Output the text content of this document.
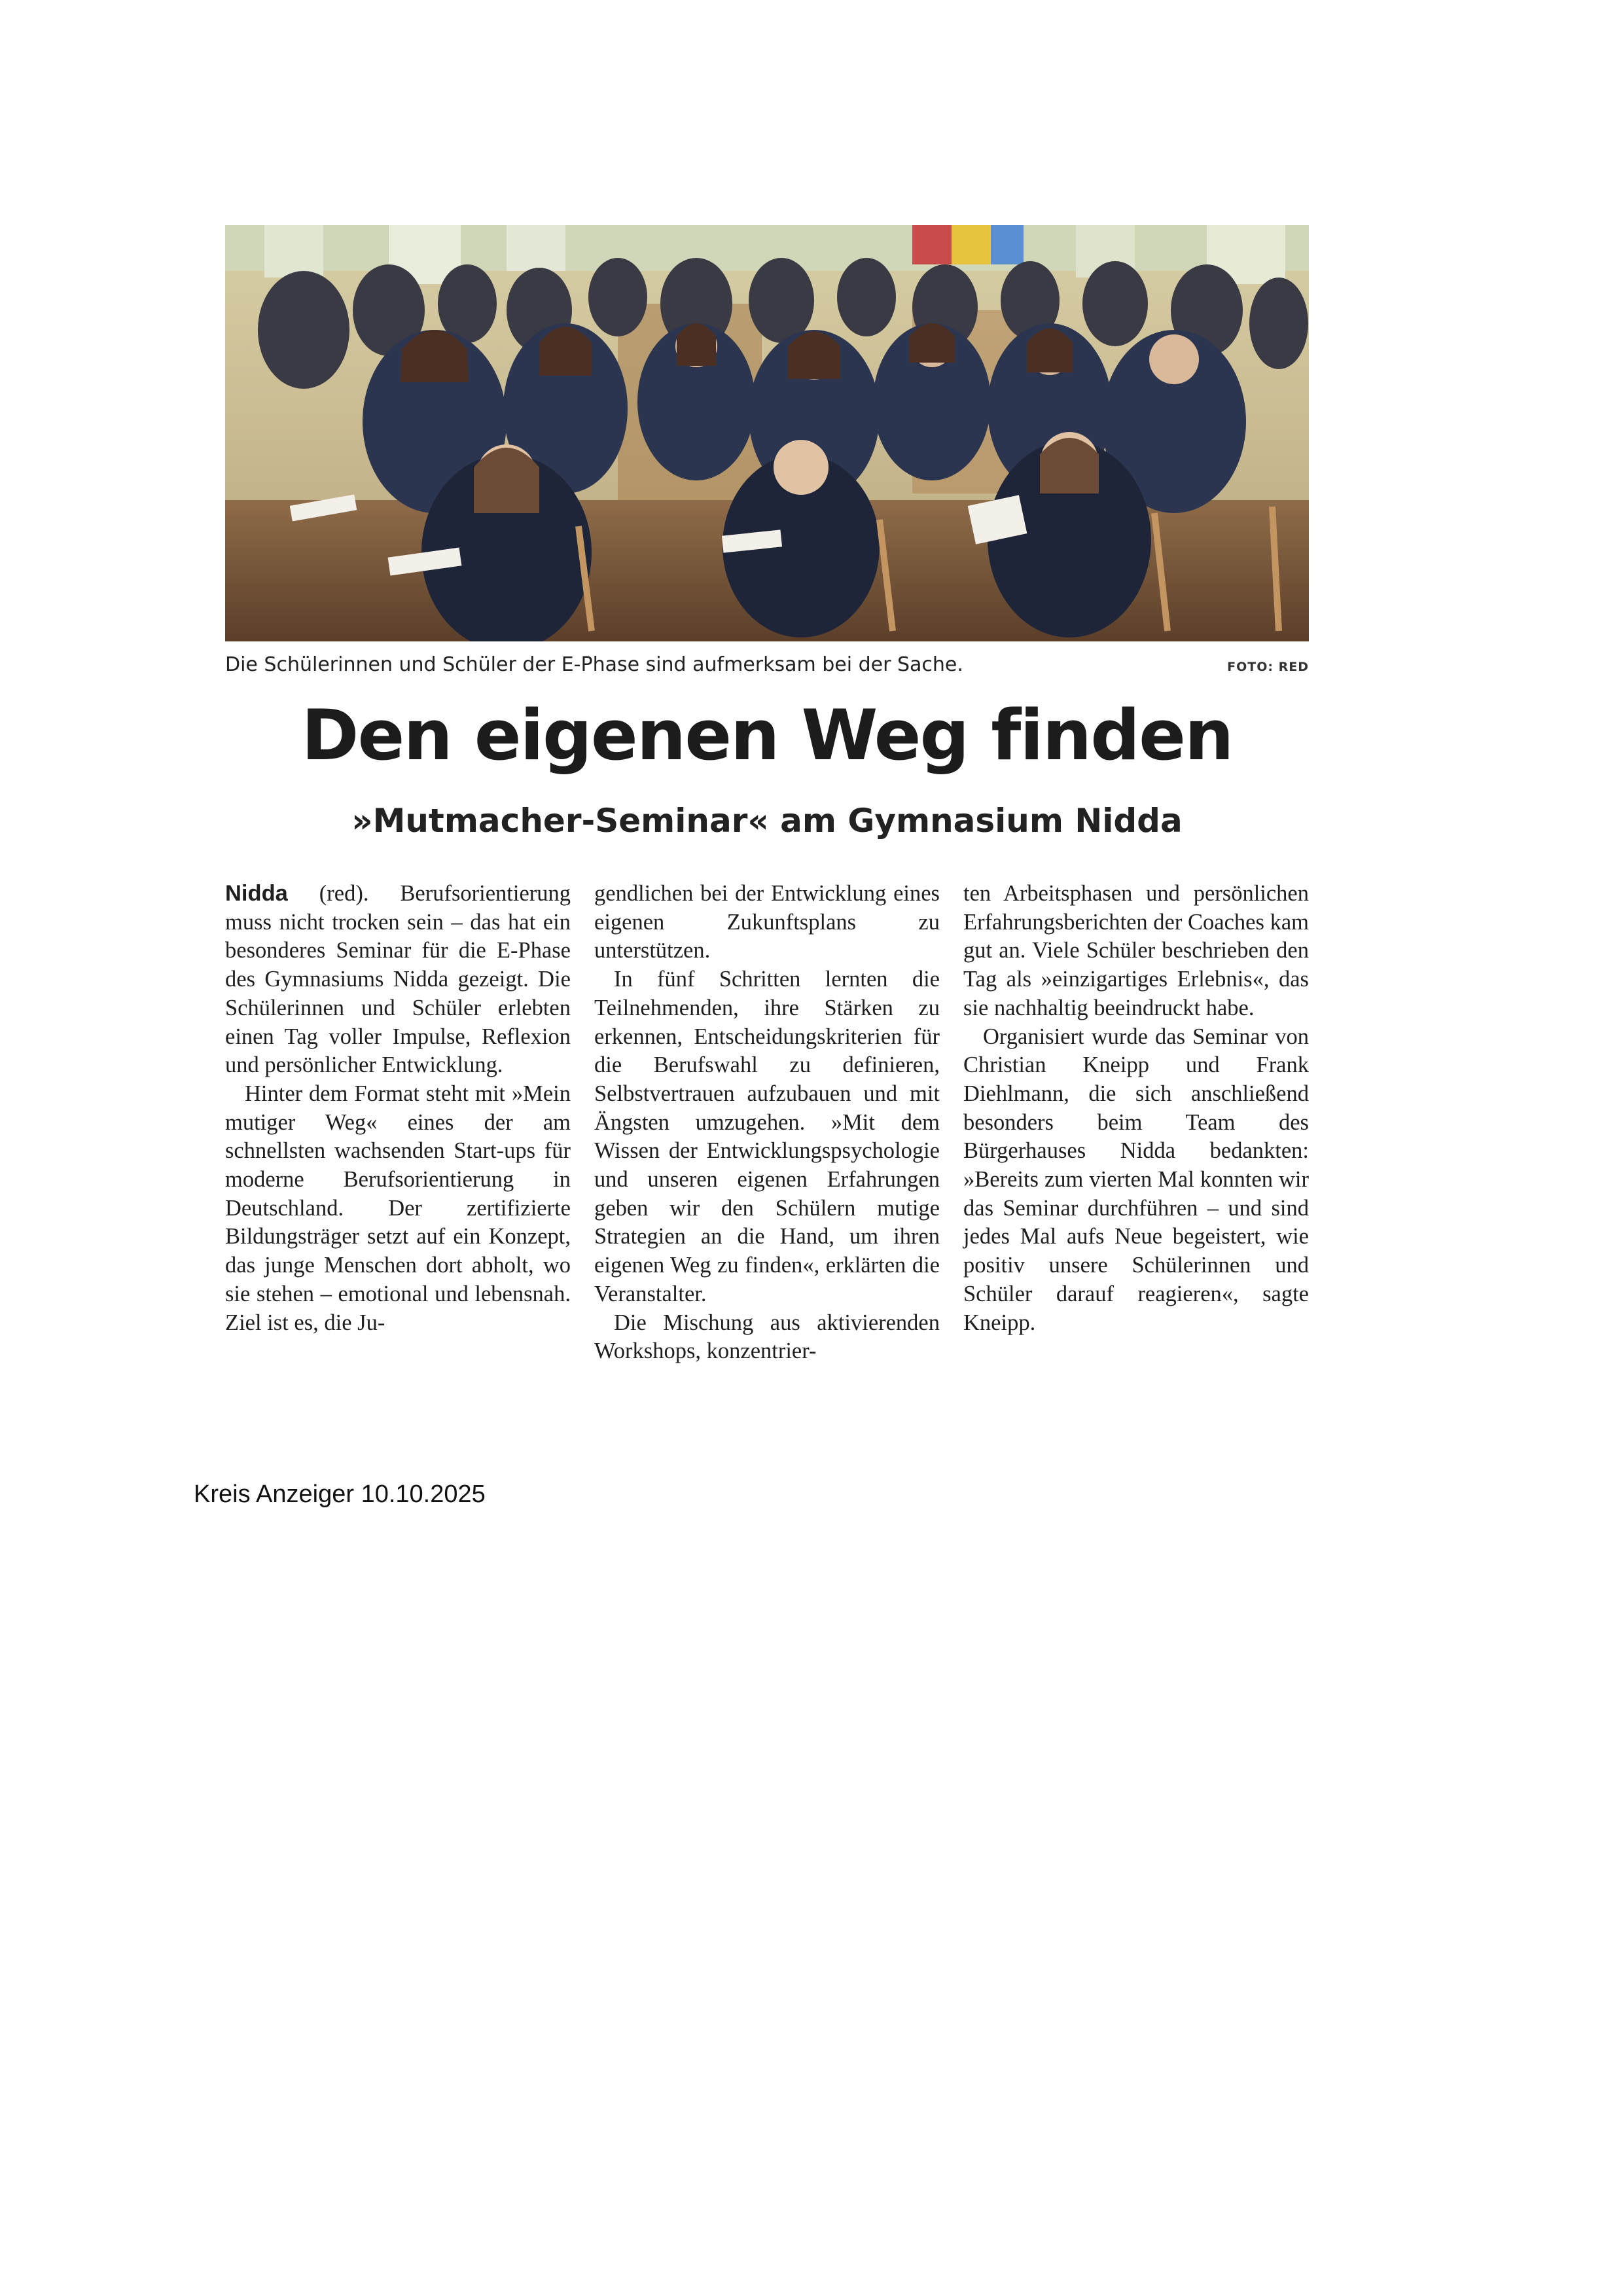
Die Schülerinnen und Schüler der E-Phase sind aufmerksam bei der Sache.	FOTO: RED
Den eigenen Weg finden
»Mutmacher-Seminar« am Gymnasium Nidda

Nidda (red). Berufsorientierung muss nicht trocken sein – das hat ein besonderes Seminar für die E-Phase des Gymnasiums Nidda gezeigt. Die Schülerinnen und Schüler erlebten einen Tag voller Impulse, Reflexion und persönlicher Entwicklung.

Hinter dem Format steht mit »Mein mutiger Weg« eines der am schnellsten wachsenden Start-ups für moderne Berufsorientierung in Deutschland. Der zertifizierte Bildungsträger setzt auf ein Konzept, das junge Menschen dort abholt, wo sie stehen – emotional und lebensnah. Ziel ist es, die Ju-

gendlichen bei der Entwicklung eines eigenen Zukunftsplans zu unterstützen.

In fünf Schritten lernten die Teilnehmenden, ihre Stärken zu erkennen, Entscheidungskriterien für die Berufswahl zu definieren, Selbstvertrauen aufzubauen und mit Ängsten umzugehen. »Mit dem Wissen der Entwicklungspsychologie und unseren eigenen Erfahrungen geben wir den Schülern mutige Strategien an die Hand, um ihren eigenen Weg zu finden«, erklärten die Veranstalter.

Die Mischung aus aktivierenden Workshops, konzentrier-

ten Arbeitsphasen und persönlichen Erfahrungsberichten der Coaches kam gut an. Viele Schüler beschrieben den Tag als »einzigartiges Erlebnis«, das sie nachhaltig beeindruckt habe.

Organisiert wurde das Seminar von Christian Kneipp und Frank Diehlmann, die sich anschließend besonders beim Team des Bürgerhauses Nidda bedankten: »Bereits zum vierten Mal konnten wir das Seminar durchführen – und sind jedes Mal aufs Neue begeistert, wie positiv unsere Schülerinnen und Schüler darauf reagieren«, sagte Kneipp.

Kreis Anzeiger 10.10.2025
